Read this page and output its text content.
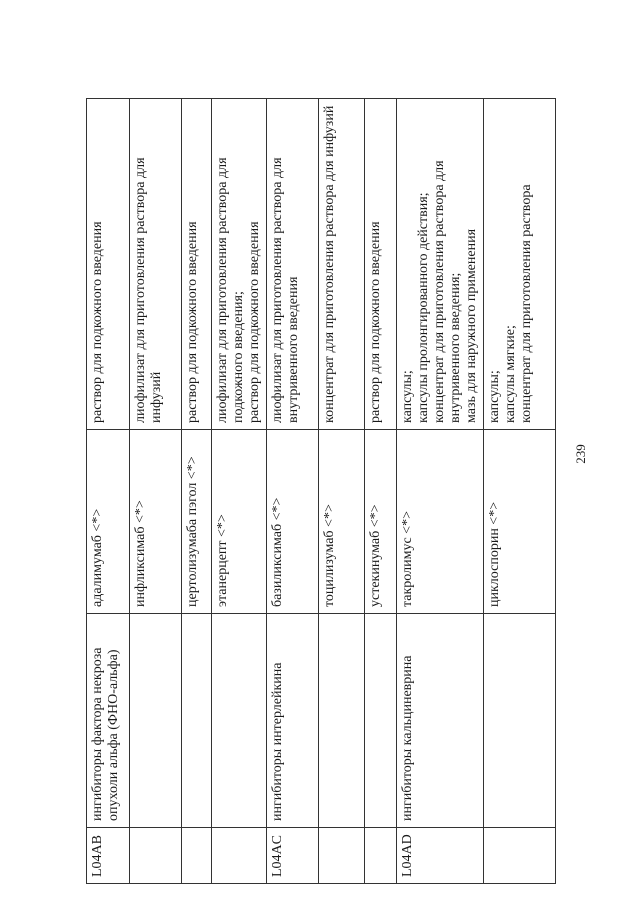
L04AB	ингибиторы фактора некроза опухоли альфа (ФНО-альфа)	адалимумаб <*>	раствор для подкожного введения

		инфликсимаб <*>	лиофилизат для приготовления раствора для инфузий

		цертолизумаба пэгол <*>	раствор для подкожного введения

		этанерцепт <*>	лиофилизат для приготовления раствора для подкожного введения; раствор для подкожного введения

L04AC	ингибиторы интерлейкина	базиликсимаб <*>	лиофилизат для приготовления раствора для внутривенного введения

		тоцилизумаб <*>	концентрат для приготовления раствора для инфузий

		устекинумаб <*>	раствор для подкожного введения

L04AD	ингибиторы кальциневрина	такролимус <*>	капсулы; капсулы пролонгированного действия; концентрат для приготовления раствора для внутривенного введения; мазь для наружного применения

		циклоспорин <*>	капсулы; капсулы мягкие; концентрат для приготовления раствора
239
